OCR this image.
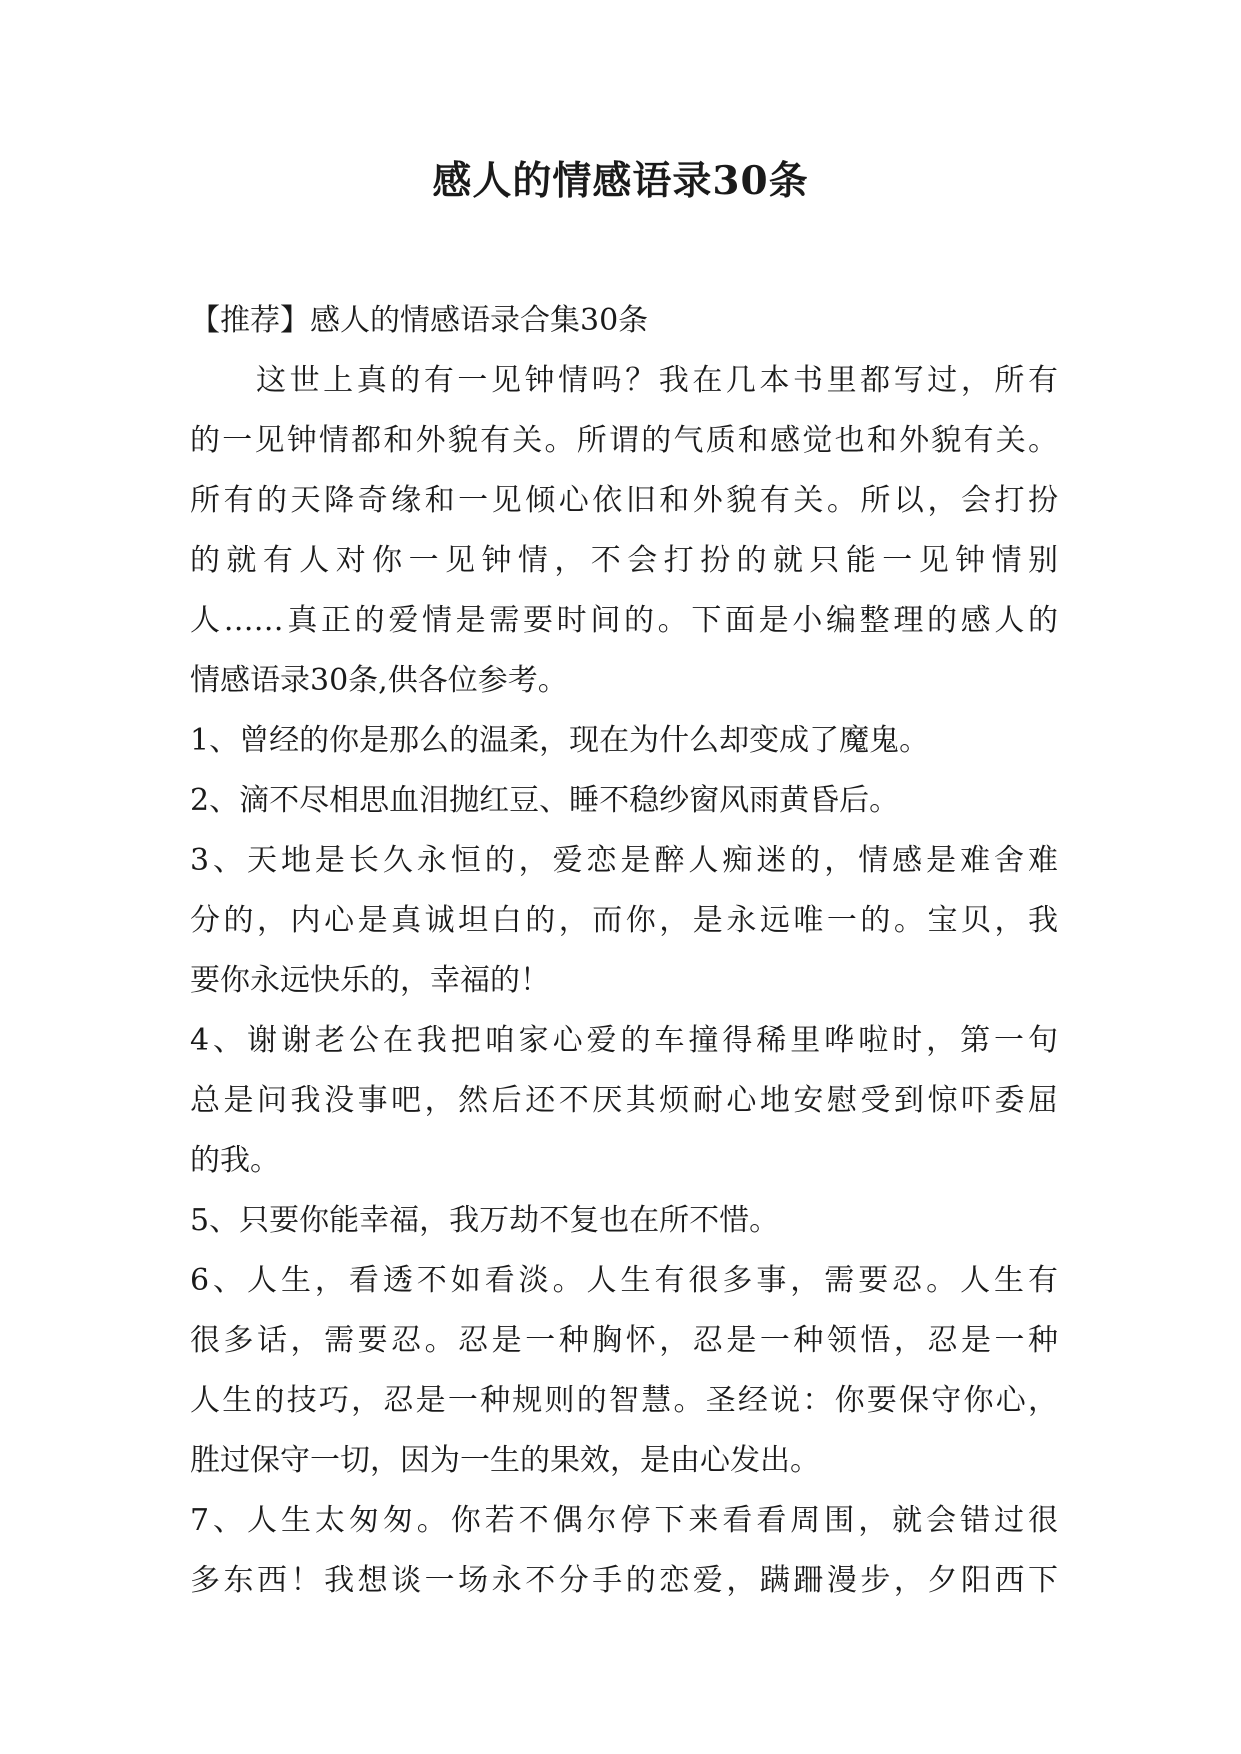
感人的情感语录30条

【推荐】感人的情感语录合集30条

这世上真的有一见钟情吗？我在几本书里都写过，所有

的一见钟情都和外貌有关。所谓的气质和感觉也和外貌有关。

所有的天降奇缘和一见倾心依旧和外貌有关。所以，会打扮

的就有人对你一见钟情，不会打扮的就只能一见钟情别

人……真正的爱情是需要时间的。下面是小编整理的感人的

情感语录30条,供各位参考。

1、曾经的你是那么的温柔，现在为什么却变成了魔鬼。

2、滴不尽相思血泪抛红豆、睡不稳纱窗风雨黄昏后。

3、天地是长久永恒的，爱恋是醉人痴迷的，情感是难舍难

分的，内心是真诚坦白的，而你，是永远唯一的。宝贝，我

要你永远快乐的，幸福的！

4、谢谢老公在我把咱家心爱的车撞得稀里哗啦时，第一句

总是问我没事吧，然后还不厌其烦耐心地安慰受到惊吓委屈

的我。

5、只要你能幸福，我万劫不复也在所不惜。

6、人生，看透不如看淡。人生有很多事，需要忍。人生有

很多话，需要忍。忍是一种胸怀，忍是一种领悟，忍是一种

人生的技巧，忍是一种规则的智慧。圣经说：你要保守你心，

胜过保守一切，因为一生的果效，是由心发出。

7、人生太匆匆。你若不偶尔停下来看看周围，就会错过很

多东西！我想谈一场永不分手的恋爱，蹒跚漫步，夕阳西下
